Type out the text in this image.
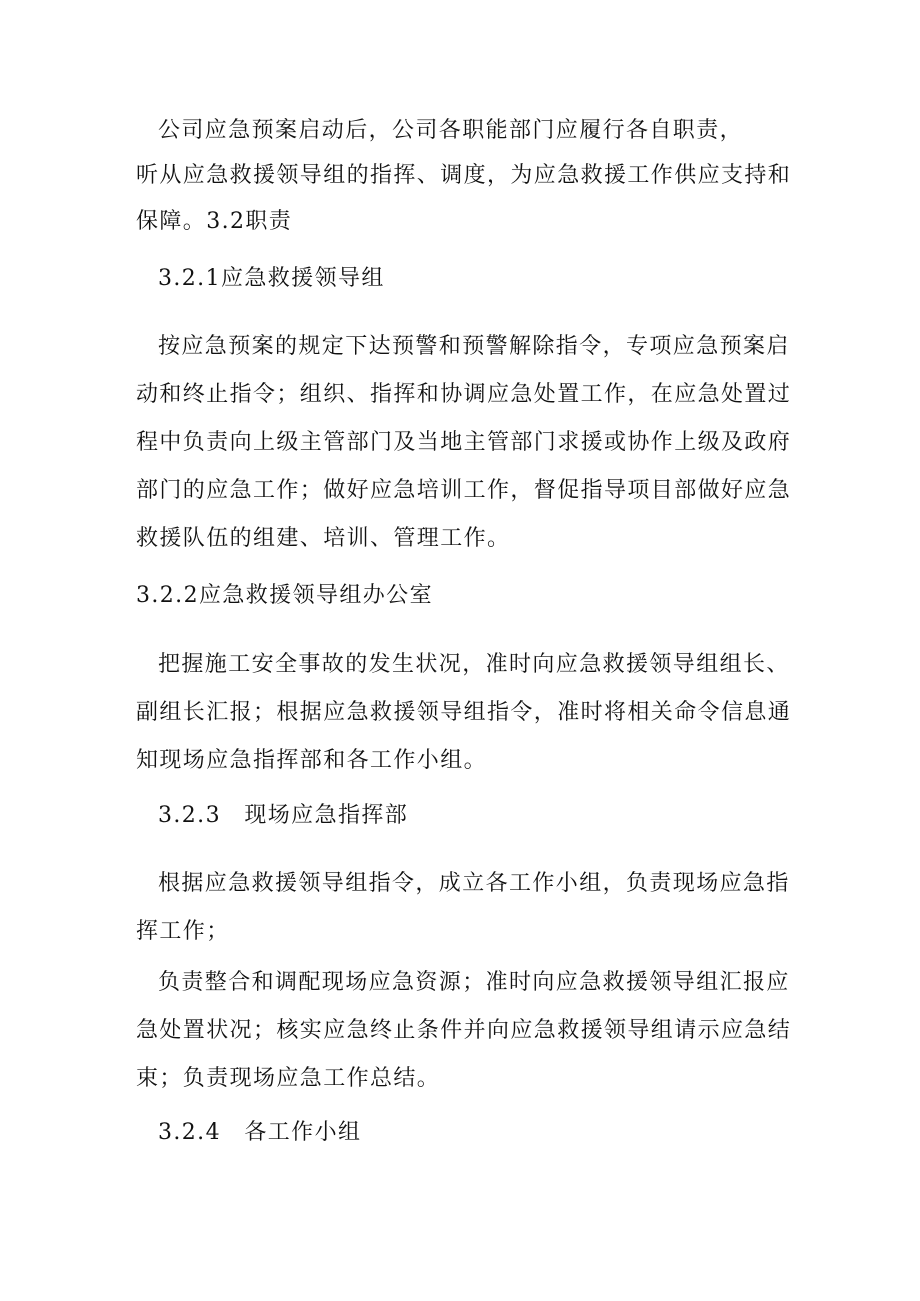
公司应急预案启动后，公司各职能部门应履行各自职责，
听从应急救援领导组的指挥、调度，为应急救援工作供应支持和
保障。3.2职责
3.2.1应急救援领导组
按应急预案的规定下达预警和预警解除指令，专项应急预案启
动和终止指令；组织、指挥和协调应急处置工作，在应急处置过
程中负责向上级主管部门及当地主管部门求援或协作上级及政府
部门的应急工作；做好应急培训工作，督促指导项目部做好应急
救援队伍的组建、培训、管理工作。
3.2.2应急救援领导组办公室
把握施工安全事故的发生状况，准时向应急救援领导组组长、
副组长汇报；根据应急救援领导组指令，准时将相关命令信息通
知现场应急指挥部和各工作小组。
3.2.3　现场应急指挥部
根据应急救援领导组指令，成立各工作小组，负责现场应急指
挥工作；
负责整合和调配现场应急资源；准时向应急救援领导组汇报应
急处置状况；核实应急终止条件并向应急救援领导组请示应急结
束；负责现场应急工作总结。
3.2.4　各工作小组
